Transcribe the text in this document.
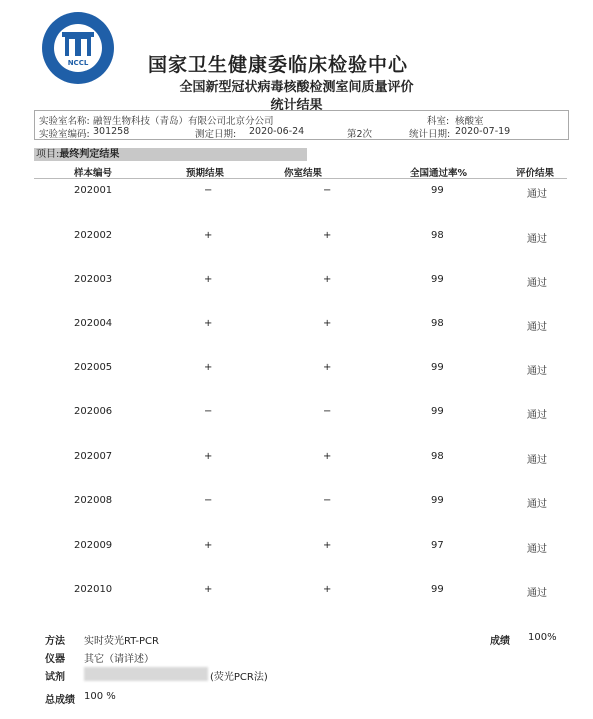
NCCL	国家卫生健康委临床检验中心
全国新型冠状病毒核酸检测室间质量评价
统计结果
实验室名称: 融智生物科技（青岛）有限公司北京分公司	科室: 核酸室
实验室编码: 301258	测定日期: 2020-06-24	第2次	统计日期: 2020-07-19
项目:最终判定结果
样本编号	预期结果	你室结果	全国通过率%	评价结果
202001	−	−	99	通过
202002	+	+	98	通过
202003	+	+	99	通过
202004	+	+	98	通过
202005	+	+	99	通过
202006	−	−	99	通过
202007	+	+	98	通过
202008	−	−	99	通过
202009	+	+	97	通过
202010	+	+	99	通过
方法 实时荧光RT-PCR	成绩 100%
仪器 其它（请详述）
试剂	(荧光PCR法)
总成绩 100 %
